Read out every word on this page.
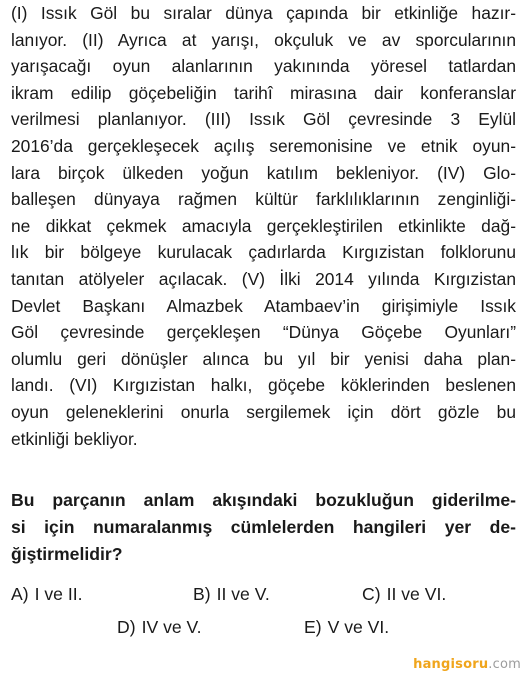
(I) Issık Göl bu sıralar dünya çapında bir etkinliğe hazır-
lanıyor. (II) Ayrıca at yarışı, okçuluk ve av sporcularının
yarışacağı oyun alanlarının yakınında yöresel tatlardan
ikram edilip göçebeliğin tarihî mirasına dair konferanslar
verilmesi planlanıyor. (III) Issık Göl çevresinde 3 Eylül
2016’da gerçekleşecek açılış seremonisine ve etnik oyun-
lara birçok ülkeden yoğun katılım bekleniyor. (IV) Glo-
balleşen dünyaya rağmen kültür farklılıklarının zenginliği-
ne dikkat çekmek amacıyla gerçekleştirilen etkinlikte dağ-
lık bir bölgeye kurulacak çadırlarda Kırgızistan folklorunu
tanıtan atölyeler açılacak. (V) İlki 2014 yılında Kırgızistan
Devlet Başkanı Almazbek Atambaev’in girişimiyle Issık
Göl çevresinde gerçekleşen “Dünya Göçebe Oyunları”
olumlu geri dönüşler alınca bu yıl bir yenisi daha plan-
landı. (VI) Kırgızistan halkı, göçebe köklerinden beslenen
oyun geleneklerini onurla sergilemek için dört gözle bu
etkinliği bekliyor.
Bu parçanın anlam akışındaki bozukluğun giderilme-
si için numaralanmış cümlelerden hangileri yer de-
ğiştirmelidir?
A) I ve II.	B) II ve V.	C) II ve VI.
D) IV ve V.	E) V ve VI.
hangisoru.com
